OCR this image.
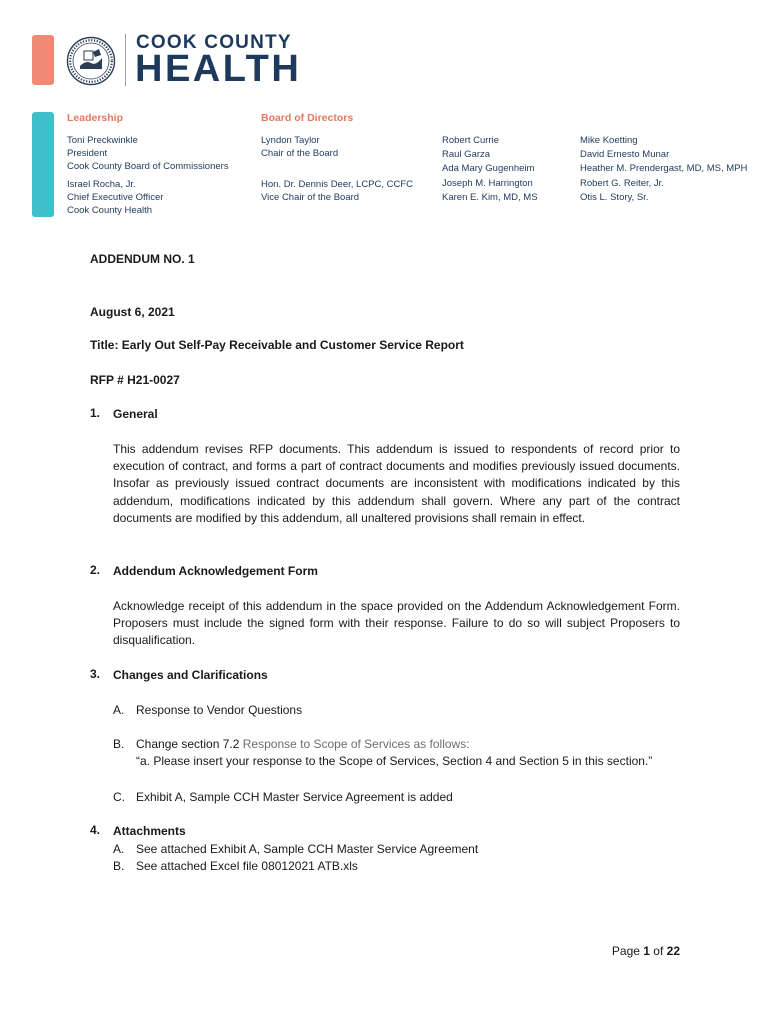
COOK COUNTY
HEALTH
Leadership
Toni Preckwinkle
President
Cook County Board of Commissioners
Israel Rocha, Jr.
Chief Executive Officer
Cook County Health
Board of Directors
Lyndon Taylor
Chair of the Board
Hon. Dr. Dennis Deer, LCPC, CCFC
Vice Chair of the Board
Robert Currie
Raul Garza
Ada Mary Gugenheim
Joseph M. Harrington
Karen E. Kim, MD, MS
Mike Koetting
David Ernesto Munar
Heather M. Prendergast, MD, MS, MPH
Robert G. Reiter, Jr.
Otis L. Story, Sr.
ADDENDUM NO. 1
August 6, 2021
Title: Early Out Self-Pay Receivable and Customer Service Report
RFP # H21-0027
1. General
This addendum revises RFP documents. This addendum is issued to respondents of record prior to execution of contract, and forms a part of contract documents and modifies previously issued documents. Insofar as previously issued contract documents are inconsistent with modifications indicated by this addendum, modifications indicated by this addendum shall govern. Where any part of the contract documents are modified by this addendum, all unaltered provisions shall remain in effect.
2. Addendum Acknowledgement Form
Acknowledge receipt of this addendum in the space provided on the Addendum Acknowledgement Form. Proposers must include the signed form with their response. Failure to do so will subject Proposers to disqualification.
3. Changes and Clarifications
A. Response to Vendor Questions
B. Change section 7.2 Response to Scope of Services as follows:
“a. Please insert your response to the Scope of Services, Section 4 and Section 5 in this section.”
C. Exhibit A, Sample CCH Master Service Agreement is added
4. Attachments
A. See attached Exhibit A, Sample CCH Master Service Agreement
B. See attached Excel file 08012021 ATB.xls
Page 1 of 22
